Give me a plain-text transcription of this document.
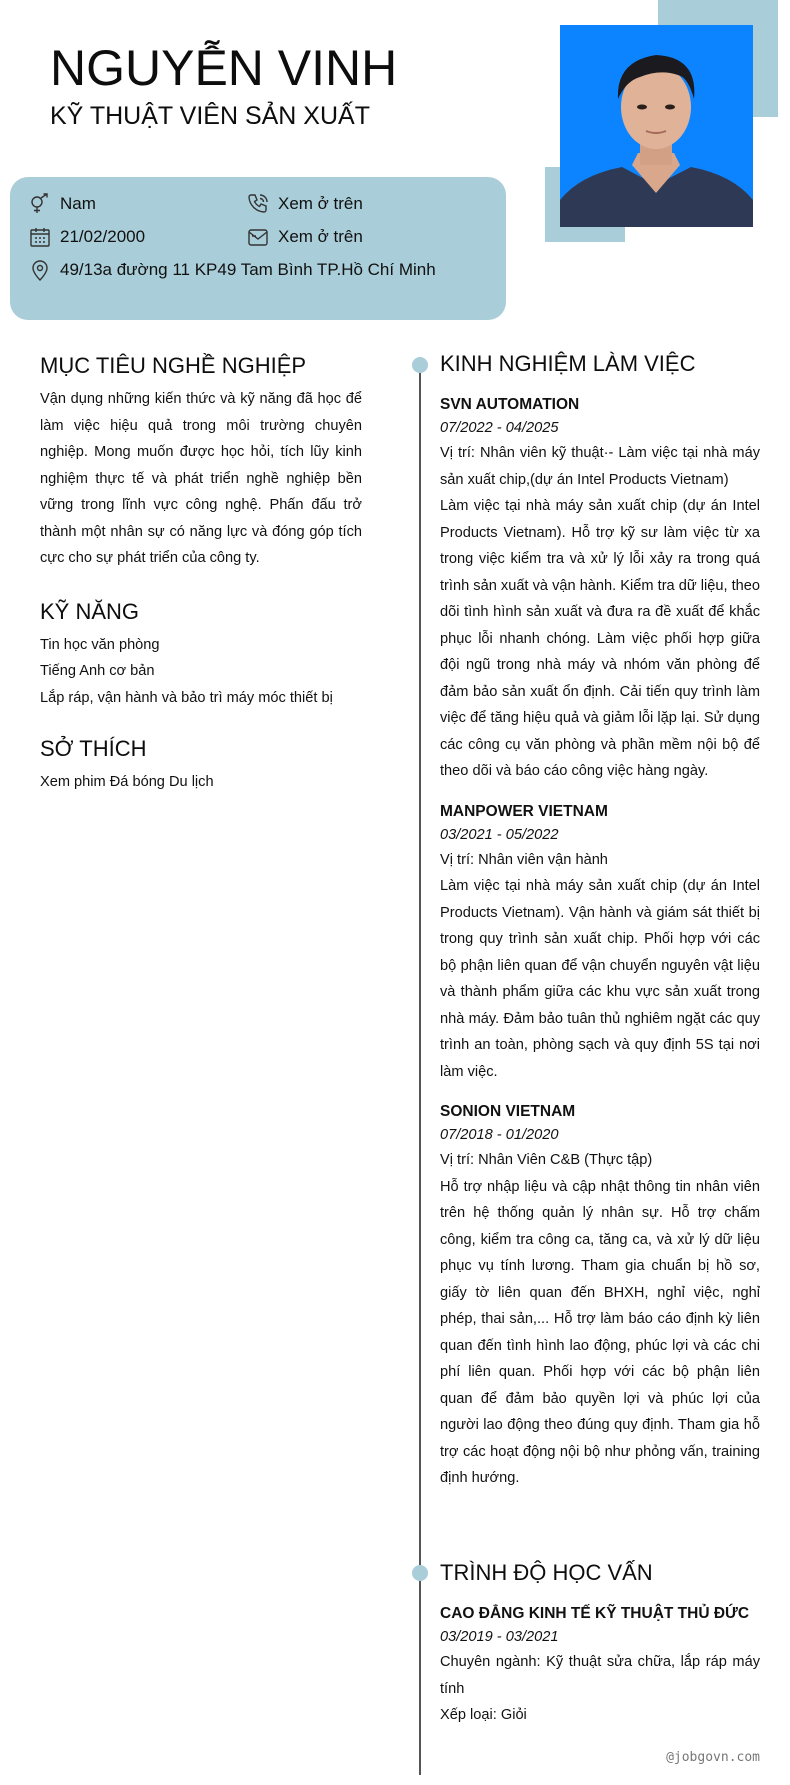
NGUYỄN VINH
KỸ THUẬT VIÊN SẢN XUẤT
Nam	Xem ở trên
21/02/2000	Xem ở trên
49/13a đường 11 KP49 Tam Bình TP.Hồ Chí Minh
MỤC TIÊU NGHỀ NGHIỆP

Vận dụng những kiến thức và kỹ năng đã học để làm việc hiệu quả trong môi trường chuyên nghiệp. Mong muốn được học hỏi, tích lũy kinh nghiệm thực tế và phát triển nghề nghiệp bền vững trong lĩnh vực công nghệ. Phấn đấu trở thành một nhân sự có năng lực và đóng góp tích cực cho sự phát triển của công ty.

KỸ NĂNG
Tin học văn phòng
Tiếng Anh cơ bản
Lắp ráp, vận hành và bảo trì máy móc thiết bị
SỞ THÍCH
Xem phim Đá bóng Du lịch
KINH NGHIỆM LÀM VIỆC
SVN AUTOMATION
07/2022 - 04/2025

Vị trí: Nhân viên kỹ thuật·- Làm việc tại nhà máy sản xuất chip,(dự án Intel Products Vietnam)

Làm việc tại nhà máy sản xuất chip (dự án Intel Products Vietnam). Hỗ trợ kỹ sư làm việc từ xa trong việc kiểm tra và xử lý lỗi xảy ra trong quá trình sản xuất và vận hành. Kiểm tra dữ liệu, theo dõi tình hình sản xuất và đưa ra đề xuất để khắc phục lỗi nhanh chóng. Làm việc phối hợp giữa đội ngũ trong nhà máy và nhóm văn phòng để đảm bảo sản xuất ổn định. Cải tiến quy trình làm việc để tăng hiệu quả và giảm lỗi lặp lại. Sử dụng các công cụ văn phòng và phần mềm nội bộ để theo dõi và báo cáo công việc hàng ngày.

MANPOWER VIETNAM
03/2021 - 05/2022

Vị trí: Nhân viên vận hành

Làm việc tại nhà máy sản xuất chip (dự án Intel Products Vietnam). Vận hành và giám sát thiết bị trong quy trình sản xuất chip. Phối hợp với các bộ phận liên quan để vận chuyển nguyên vật liệu và thành phẩm giữa các khu vực sản xuất trong nhà máy. Đảm bảo tuân thủ nghiêm ngặt các quy trình an toàn, phòng sạch và quy định 5S tại nơi làm việc.

SONION VIETNAM
07/2018 - 01/2020

Vị trí: Nhân Viên C&B (Thực tập)

Hỗ trợ nhập liệu và cập nhật thông tin nhân viên trên hệ thống quản lý nhân sự. Hỗ trợ chấm công, kiểm tra công ca, tăng ca, và xử lý dữ liệu phục vụ tính lương. Tham gia chuẩn bị hồ sơ, giấy tờ liên quan đến BHXH, nghỉ việc, nghỉ phép, thai sản,... Hỗ trợ làm báo cáo định kỳ liên quan đến tình hình lao động, phúc lợi và các chi phí liên quan. Phối hợp với các bộ phận liên quan để đảm bảo quyền lợi và phúc lợi của người lao động theo đúng quy định. Tham gia hỗ trợ các hoạt động nội bộ như phỏng vấn, training định hướng.

TRÌNH ĐỘ HỌC VẤN
CAO ĐẲNG KINH TẾ KỸ THUẬT THỦ ĐỨC
03/2019 - 03/2021

Chuyên ngành: Kỹ thuật sửa chữa, lắp ráp máy tính

Xếp loại: Giỏi

@jobgovn.com
